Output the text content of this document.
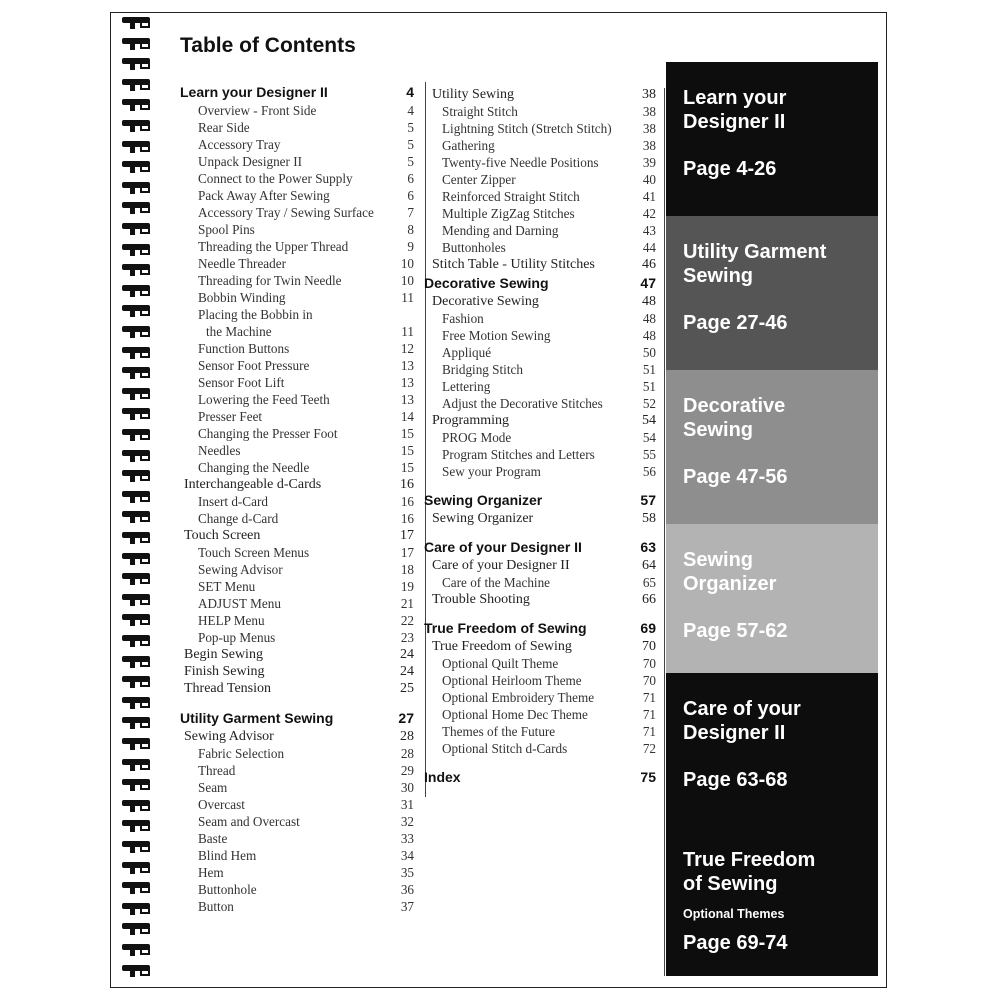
Table of Contents
Learn your Designer II	4
Overview - Front Side	4
Rear Side	5
Accessory Tray	5
Unpack Designer II	5
Connect to the Power Supply	6
Pack Away After Sewing	6
Accessory Tray / Sewing Surface	7
Spool Pins	8
Threading the Upper Thread	9
Needle Threader	10
Threading for Twin Needle	10
Bobbin Winding	11
Placing the Bobbin in
the Machine	11
Function Buttons	12
Sensor Foot Pressure	13
Sensor Foot Lift	13
Lowering the Feed Teeth	13
Presser Feet	14
Changing the Presser Foot	15
Needles	15
Changing the Needle	15
Interchangeable d-Cards	16
Insert d-Card	16
Change d-Card	16
Touch Screen	17
Touch Screen Menus	17
Sewing Advisor	18
SET Menu	19
ADJUST Menu	21
HELP Menu	22
Pop-up Menus	23
Begin Sewing	24
Finish Sewing	24
Thread Tension	25
Utility Garment Sewing	27
Sewing Advisor	28
Fabric Selection	28
Thread	29
Seam	30
Overcast	31
Seam and Overcast	32
Baste	33
Blind Hem	34
Hem	35
Buttonhole	36
Button	37
Utility Sewing	38
Straight Stitch	38
Lightning Stitch (Stretch Stitch)	38
Gathering	38
Twenty-five Needle Positions	39
Center Zipper	40
Reinforced Straight Stitch	41
Multiple ZigZag Stitches	42
Mending and Darning	43
Buttonholes	44
Stitch Table - Utility Stitches	46
Decorative Sewing	47
Decorative Sewing	48
Fashion	48
Free Motion Sewing	48
Appliqué	50
Bridging Stitch	51
Lettering	51
Adjust the Decorative Stitches	52
Programming	54
PROG Mode	54
Program Stitches and Letters	55
Sew your Program	56
Sewing Organizer	57
Sewing Organizer	58
Care of your Designer II	63
Care of your Designer II	64
Care of the Machine	65
Trouble Shooting	66
True Freedom of Sewing	69
True Freedom of Sewing	70
Optional Quilt Theme	70
Optional Heirloom Theme	70
Optional Embroidery Theme	71
Optional Home Dec Theme	71
Themes of the Future	71
Optional Stitch d-Cards	72
Index	75
Learn your
Designer II
Page 4-26
Utility Garment
Sewing
Page 27-46
Decorative
Sewing
Page 47-56
Sewing
Organizer
Page 57-62
Care of your
Designer II
Page 63-68
True Freedom
of Sewing
Optional Themes
Page 69-74
